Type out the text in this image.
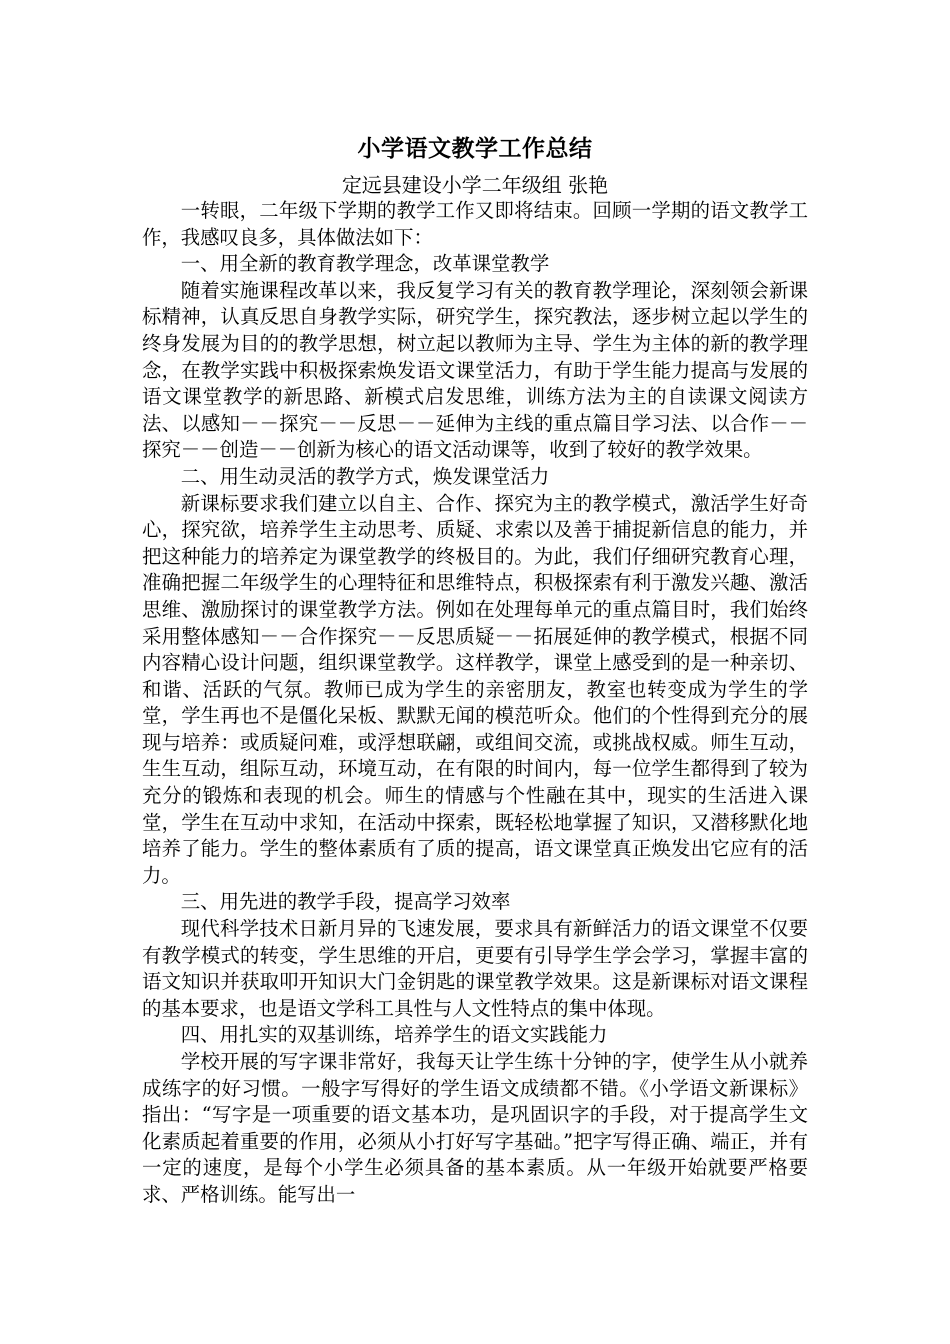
小学语文教学工作总结
定远县建设小学二年级组 张艳

一转眼，二年级下学期的教学工作又即将结束。回顾一学期的语文教学工作，我感叹良多，具体做法如下：

一、用全新的教育教学理念，改革课堂教学

随着实施课程改革以来，我反复学习有关的教育教学理论，深刻领会新课标精神，认真反思自身教学实际，研究学生，探究教法，逐步树立起以学生的终身发展为目的的教学思想，树立起以教师为主导、学生为主体的新的教学理念，在教学实践中积极探索焕发语文课堂活力，有助于学生能力提高与发展的语文课堂教学的新思路、新模式启发思维，训练方法为主的自读课文阅读方法、以感知－－探究－－反思－－延伸为主线的重点篇目学习法、以合作－－探究－－创造－－创新为核心的语文活动课等，收到了较好的教学效果。

二、用生动灵活的教学方式，焕发课堂活力

新课标要求我们建立以自主、合作、探究为主的教学模式，激活学生好奇心，探究欲，培养学生主动思考、质疑、求索以及善于捕捉新信息的能力，并把这种能力的培养定为课堂教学的终极目的。为此，我们仔细研究教育心理，准确把握二年级学生的心理特征和思维特点，积极探索有利于激发兴趣、激活思维、激励探讨的课堂教学方法。例如在处理每单元的重点篇目时，我们始终采用整体感知－－合作探究－－反思质疑－－拓展延伸的教学模式，根据不同内容精心设计问题，组织课堂教学。这样教学，课堂上感受到的是一种亲切、和谐、活跃的气氛。教师已成为学生的亲密朋友，教室也转变成为学生的学堂，学生再也不是僵化呆板、默默无闻的模范听众。他们的个性得到充分的展现与培养：或质疑问难，或浮想联翩，或组间交流，或挑战权威。师生互动，生生互动，组际互动，环境互动，在有限的时间内，每一位学生都得到了较为充分的锻炼和表现的机会。师生的情感与个性融在其中，现实的生活进入课堂，学生在互动中求知，在活动中探索，既轻松地掌握了知识，又潜移默化地培养了能力。学生的整体素质有了质的提高，语文课堂真正焕发出它应有的活力。

三、用先进的教学手段，提高学习效率

现代科学技术日新月异的飞速发展，要求具有新鲜活力的语文课堂不仅要有教学模式的转变，学生思维的开启，更要有引导学生学会学习，掌握丰富的语文知识并获取叩开知识大门金钥匙的课堂教学效果。这是新课标对语文课程的基本要求，也是语文学科工具性与人文性特点的集中体现。

四、用扎实的双基训练，培养学生的语文实践能力

学校开展的写字课非常好，我每天让学生练十分钟的字，使学生从小就养成练字的好习惯。一般字写得好的学生语文成绩都不错。《小学语文新课标》指出：“写字是一项重要的语文基本功，是巩固识字的手段，对于提高学生文化素质起着重要的作用，必须从小打好写字基础。”把字写得正确、端正，并有一定的速度，是每个小学生必须具备的基本素质。从一年级开始就要严格要求、严格训练。能写出一
